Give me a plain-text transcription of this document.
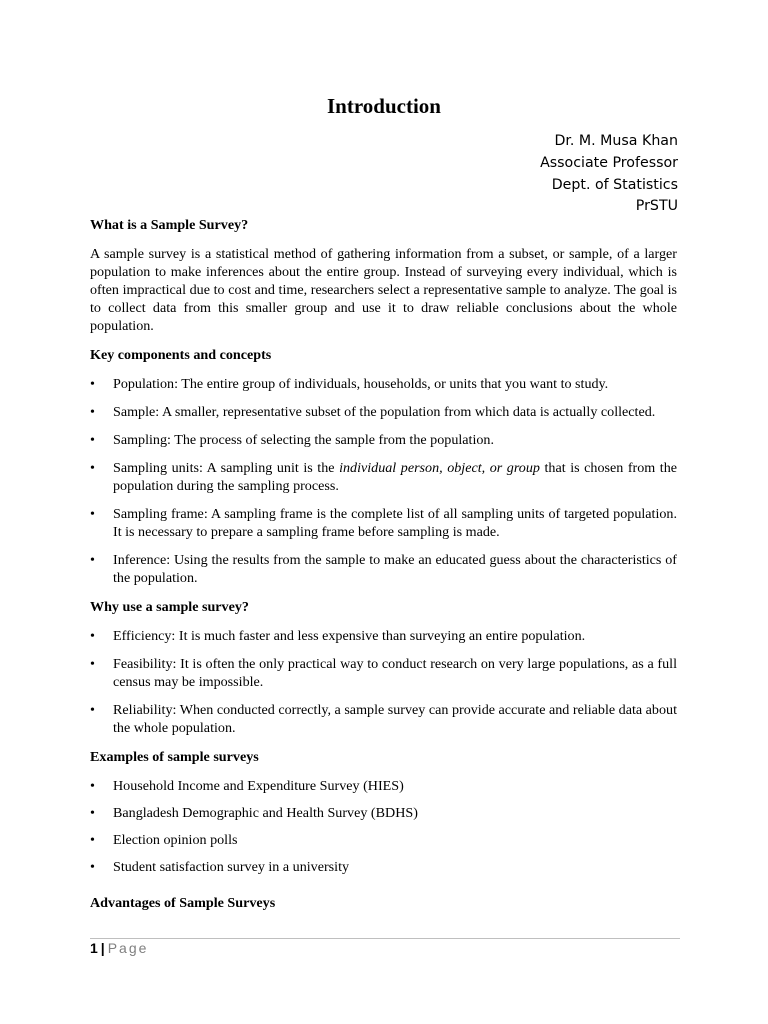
Introduction
Dr. M. Musa Khan
Associate Professor
Dept. of Statistics
PrSTU

What is a Sample Survey?

A sample survey is a statistical method of gathering information from a subset, or sample, of a larger population to make inferences about the entire group. Instead of surveying every individual, which is often impractical due to cost and time, researchers select a representative sample to analyze. The goal is to collect data from this smaller group and use it to draw reliable conclusions about the whole population.

Key components and concepts

• Population: The entire group of individuals, households, or units that you want to study.
• Sample: A smaller, representative subset of the population from which data is actually collected.
• Sampling: The process of selecting the sample from the population.
• Sampling units: A sampling unit is the individual person, object, or group that is chosen from the population during the sampling process.
• Sampling frame: A sampling frame is the complete list of all sampling units of targeted population. It is necessary to prepare a sampling frame before sampling is made.
• Inference: Using the results from the sample to make an educated guess about the characteristics of the population.

Why use a sample survey?

• Efficiency: It is much faster and less expensive than surveying an entire population.
• Feasibility: It is often the only practical way to conduct research on very large populations, as a full census may be impossible.
• Reliability: When conducted correctly, a sample survey can provide accurate and reliable data about the whole population.

Examples of sample surveys

• Household Income and Expenditure Survey (HIES)
• Bangladesh Demographic and Health Survey (BDHS)
• Election opinion polls
• Student satisfaction survey in a university

Advantages of Sample Surveys

1 | Page
